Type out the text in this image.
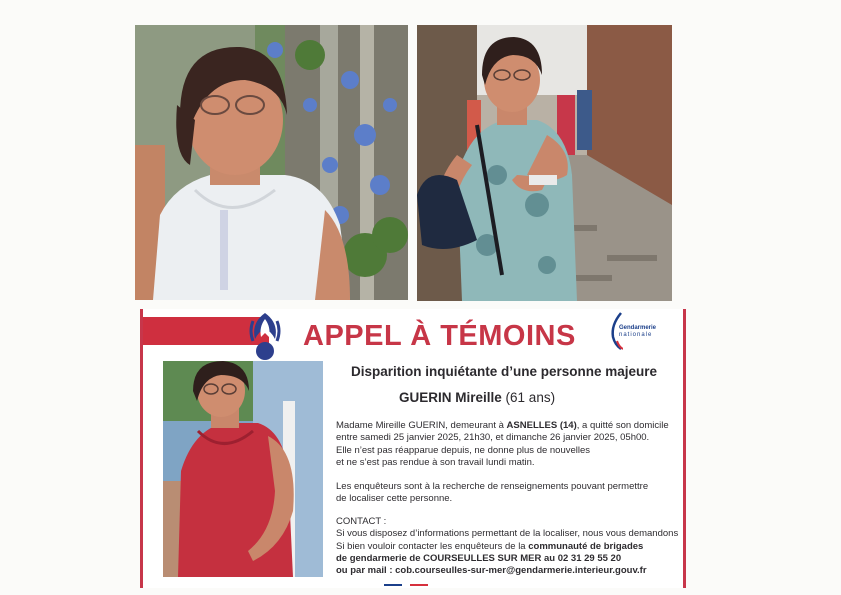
APPEL À TÉMOINS	Gendarmerie
nationale
Disparition inquiétante d’une personne majeure
GUERIN Mireille (61 ans)

Madame Mireille GUERIN, demeurant à ASNELLES (14), a quitté son domicile

entre samedi 25 janvier 2025, 21h30, et dimanche 26 janvier 2025, 05h00.

Elle n’est pas réapparue depuis, ne donne plus de nouvelles

et ne s’est pas rendue à son travail lundi matin.

Les enquêteurs sont à la recherche de renseignements pouvant permettre

de localiser cette personne.

CONTACT :

Si vous disposez d’informations permettant de la localiser, nous vous demandons

Si bien vouloir contacter les enquêteurs de la communauté de brigades

de gendarmerie de COURSEULLES SUR MER au 02 31 29 55 20

ou par mail : cob.courseulles-sur-mer@gendarmerie.interieur.gouv.fr
